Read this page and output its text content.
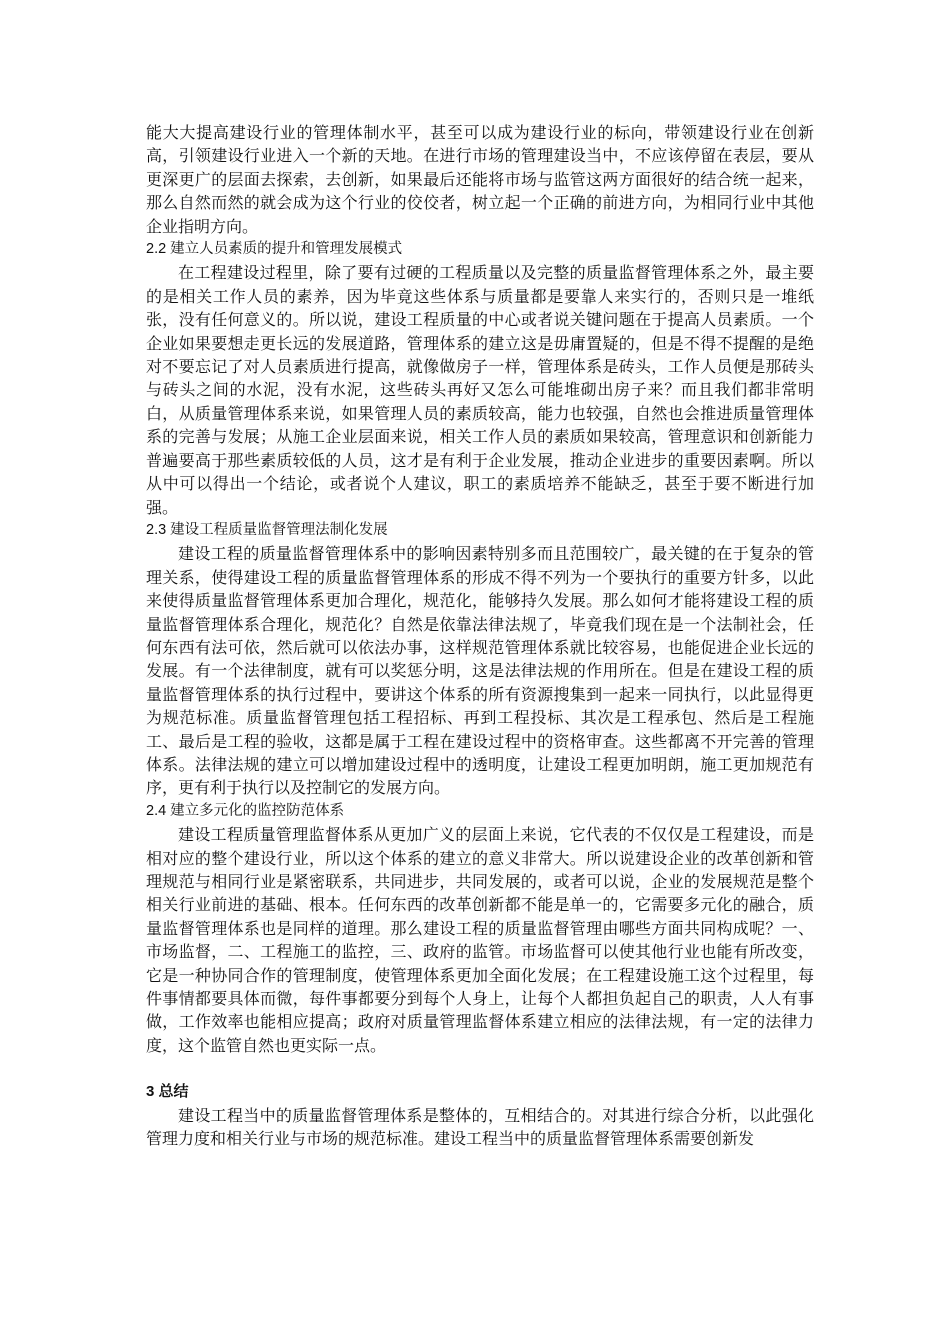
能大大提高建设行业的管理体制水平，甚至可以成为建设行业的标向，带领建设行业在创新高，引领建设行业进入一个新的天地。在进行市场的管理建设当中，不应该停留在表层，要从更深更广的层面去探索，去创新，如果最后还能将市场与监管这两方面很好的结合统一起来，那么自然而然的就会成为这个行业的佼佼者，树立起一个正确的前进方向，为相同行业中其他企业指明方向。

2.2 建立人员素质的提升和管理发展模式

在工程建设过程里，除了要有过硬的工程质量以及完整的质量监督管理体系之外，最主要的是相关工作人员的素养，因为毕竟这些体系与质量都是要靠人来实行的，否则只是一堆纸张，没有任何意义的。所以说，建设工程质量的中心或者说关键问题在于提高人员素质。一个企业如果要想走更长远的发展道路，管理体系的建立这是毋庸置疑的，但是不得不提醒的是绝对不要忘记了对人员素质进行提高，就像做房子一样，管理体系是砖头，工作人员便是那砖头与砖头之间的水泥，没有水泥，这些砖头再好又怎么可能堆砌出房子来？而且我们都非常明白，从质量管理体系来说，如果管理人员的素质较高，能力也较强，自然也会推进质量管理体系的完善与发展；从施工企业层面来说，相关工作人员的素质如果较高，管理意识和创新能力普遍要高于那些素质较低的人员，这才是有利于企业发展，推动企业进步的重要因素啊。所以从中可以得出一个结论，或者说个人建议，职工的素质培养不能缺乏，甚至于要不断进行加强。

2.3 建设工程质量监督管理法制化发展

建设工程的质量监督管理体系中的影响因素特别多而且范围较广，最关键的在于复杂的管理关系，使得建设工程的质量监督管理体系的形成不得不列为一个要执行的重要方针多，以此来使得质量监督管理体系更加合理化，规范化，能够持久发展。那么如何才能将建设工程的质量监督管理体系合理化，规范化？自然是依靠法律法规了，毕竟我们现在是一个法制社会，任何东西有法可依，然后就可以依法办事，这样规范管理体系就比较容易，也能促进企业长远的发展。有一个法律制度，就有可以奖惩分明，这是法律法规的作用所在。但是在建设工程的质量监督管理体系的执行过程中，要讲这个体系的所有资源搜集到一起来一同执行，以此显得更为规范标准。质量监督管理包括工程招标、再到工程投标、其次是工程承包、然后是工程施工、最后是工程的验收，这都是属于工程在建设过程中的资格审查。这些都离不开完善的管理体系。法律法规的建立可以增加建设过程中的透明度，让建设工程更加明朗，施工更加规范有序，更有利于执行以及控制它的发展方向。

2.4 建立多元化的监控防范体系

建设工程质量管理监督体系从更加广义的层面上来说，它代表的不仅仅是工程建设，而是相对应的整个建设行业，所以这个体系的建立的意义非常大。所以说建设企业的改革创新和管理规范与相同行业是紧密联系，共同进步，共同发展的，或者可以说，企业的发展规范是整个相关行业前进的基础、根本。任何东西的改革创新都不能是单一的，它需要多元化的融合，质量监督管理体系也是同样的道理。那么建设工程的质量监督管理由哪些方面共同构成呢？一、市场监督，二、工程施工的监控，三、政府的监管。市场监督可以使其他行业也能有所改变，它是一种协同合作的管理制度，使管理体系更加全面化发展；在工程建设施工这个过程里，每件事情都要具体而微，每件事都要分到每个人身上，让每个人都担负起自己的职责，人人有事做，工作效率也能相应提高；政府对质量管理监督体系建立相应的法律法规，有一定的法律力度，这个监管自然也更实际一点。

3 总结

建设工程当中的质量监督管理体系是整体的，互相结合的。对其进行综合分析，以此强化管理力度和相关行业与市场的规范标准。建设工程当中的质量监督管理体系需要创新发
